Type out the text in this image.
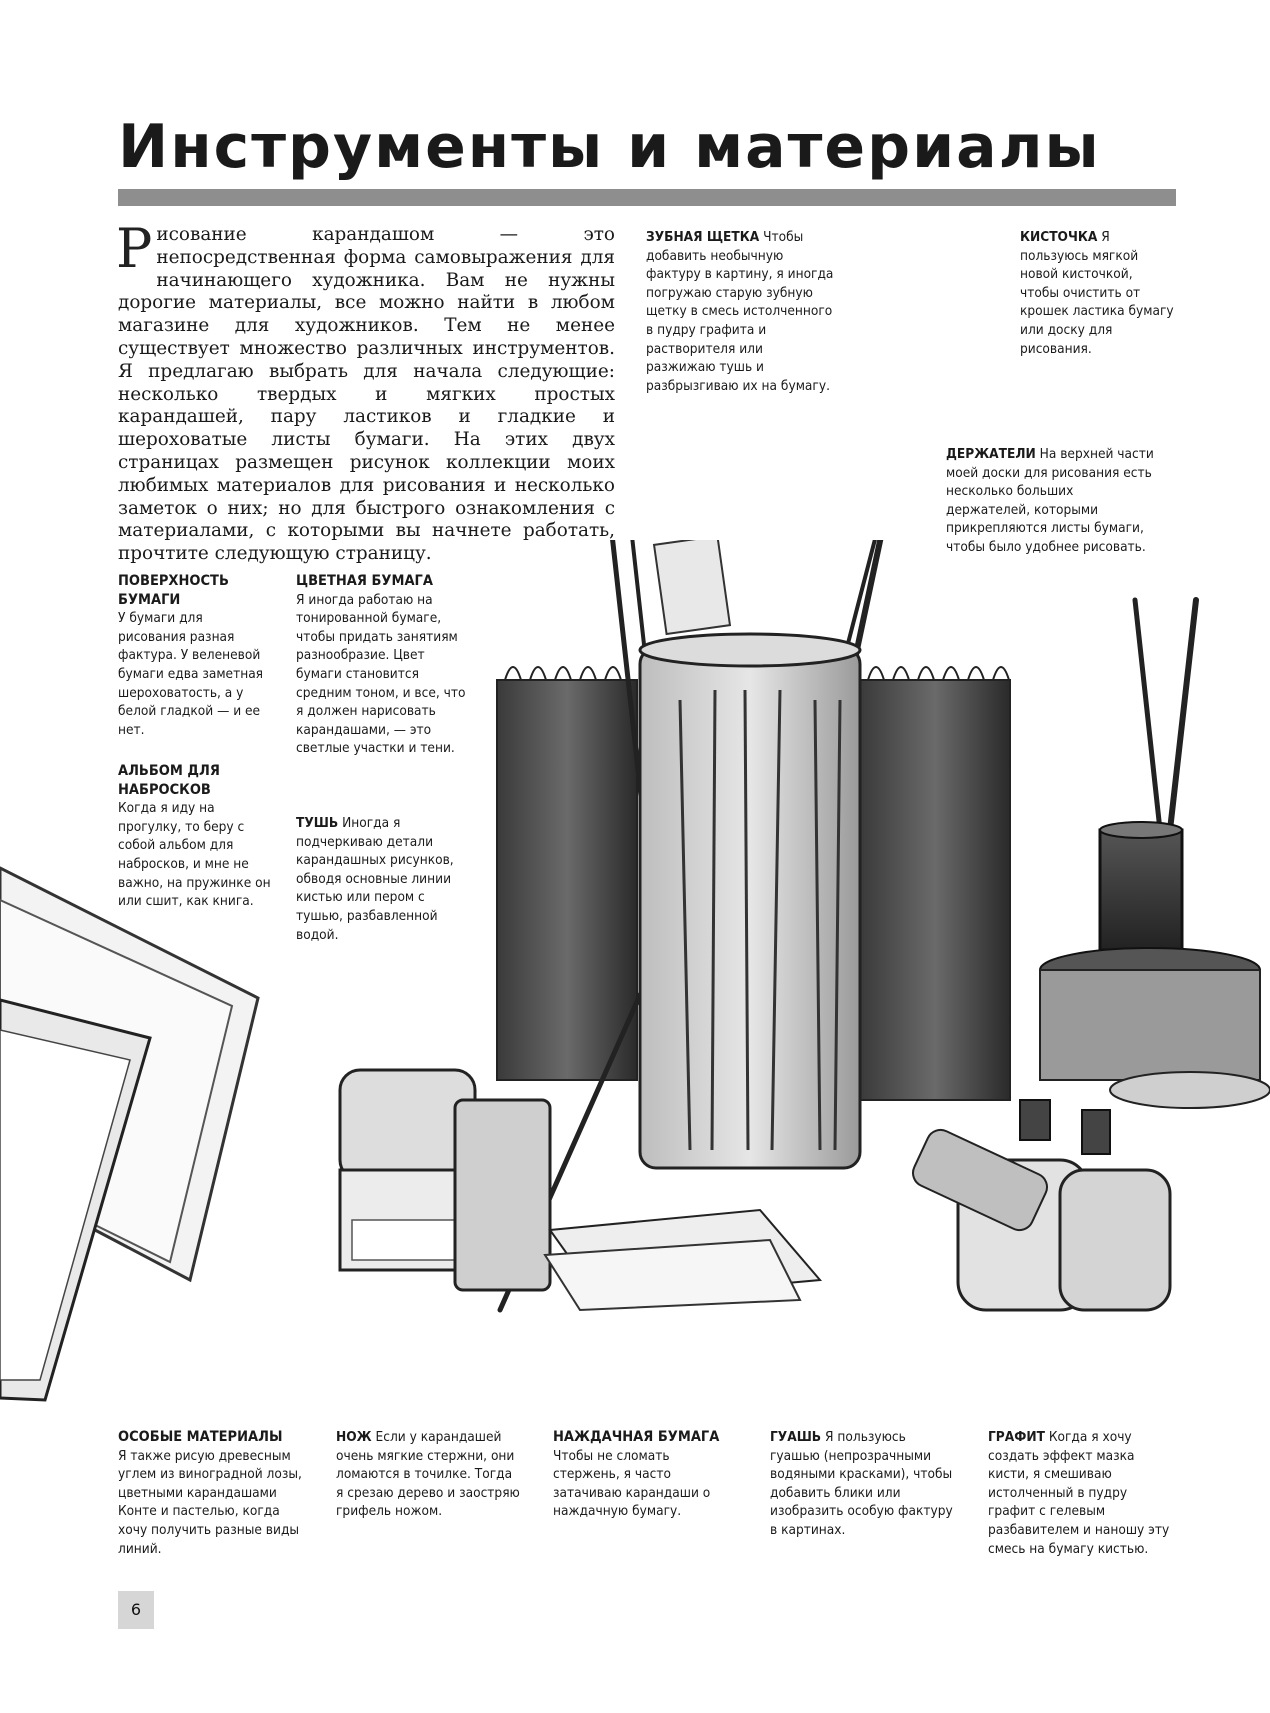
Инструменты и материалы
Рисование карандашом — это непосредственная форма самовыражения для начинающего художника. Вам не нужны дорогие материалы, все можно найти в любом магазине для художников. Тем не менее существует множество различных инструментов. Я предлагаю выбрать для начала следующие: несколько твердых и мягких простых карандашей, пару ластиков и гладкие и шероховатые листы бумаги. На этих двух страницах размещен рисунок коллекции моих любимых материалов для рисования и несколько заметок о них; но для быстрого ознакомления с материалами, с которыми вы начнете работать, прочтите следующую страницу.
ЗУБНАЯ ЩЕТКА Чтобы добавить необычную фактуру в картину, я иногда погружаю старую зубную щетку в смесь истолченного в пудру графита и растворителя или разжижаю тушь и разбрызгиваю их на бумагу.
КИСТОЧКА Я пользуюсь мягкой новой кисточкой, чтобы очистить от крошек ластика бумагу или доску для рисования.
ДЕРЖАТЕЛИ На верхней части моей доски для рисования есть несколько больших держателей, которыми прикрепляются листы бумаги, чтобы было удобнее рисовать.
ПОВЕРХНОСТЬ БУМАГИ
У бумаги для рисования разная фактура. У веленевой бумаги едва заметная шероховатость, а у белой гладкой — и ее нет.
ЦВЕТНАЯ БУМАГА
Я иногда работаю на тонированной бумаге, чтобы придать занятиям разнообразие. Цвет бумаги становится средним тоном, и все, что я должен нарисовать карандашами, — это светлые участки и тени.
АЛЬБОМ ДЛЯ НАБРОСКОВ
Когда я иду на прогулку, то беру с собой альбом для набросков, и мне не важно, на пружинке он или сшит, как книга.
ТУШЬ Иногда я подчеркиваю детали карандашных рисунков, обводя основные линии кистью или пером с тушью, разбавленной водой.
ОСОБЫЕ МАТЕРИАЛЫ
Я также рисую древесным углем из виноградной лозы, цветными карандашами Конте и пастелью, когда хочу получить разные виды линий.
НОЖ Если у карандашей очень мягкие стержни, они ломаются в точилке. Тогда я срезаю дерево и заостряю грифель ножом.
НАЖДАЧНАЯ БУМАГА
Чтобы не сломать стержень, я часто затачиваю карандаши о наждачную бумагу.
ГУАШЬ Я пользуюсь гуашью (непрозрачными водяными красками), чтобы добавить блики или изобразить особую фактуру в картинах.
ГРАФИТ Когда я хочу создать эффект мазка кисти, я смешиваю истолченный в пудру графит с гелевым разбавителем и наношу эту смесь на бумагу кистью.
6
